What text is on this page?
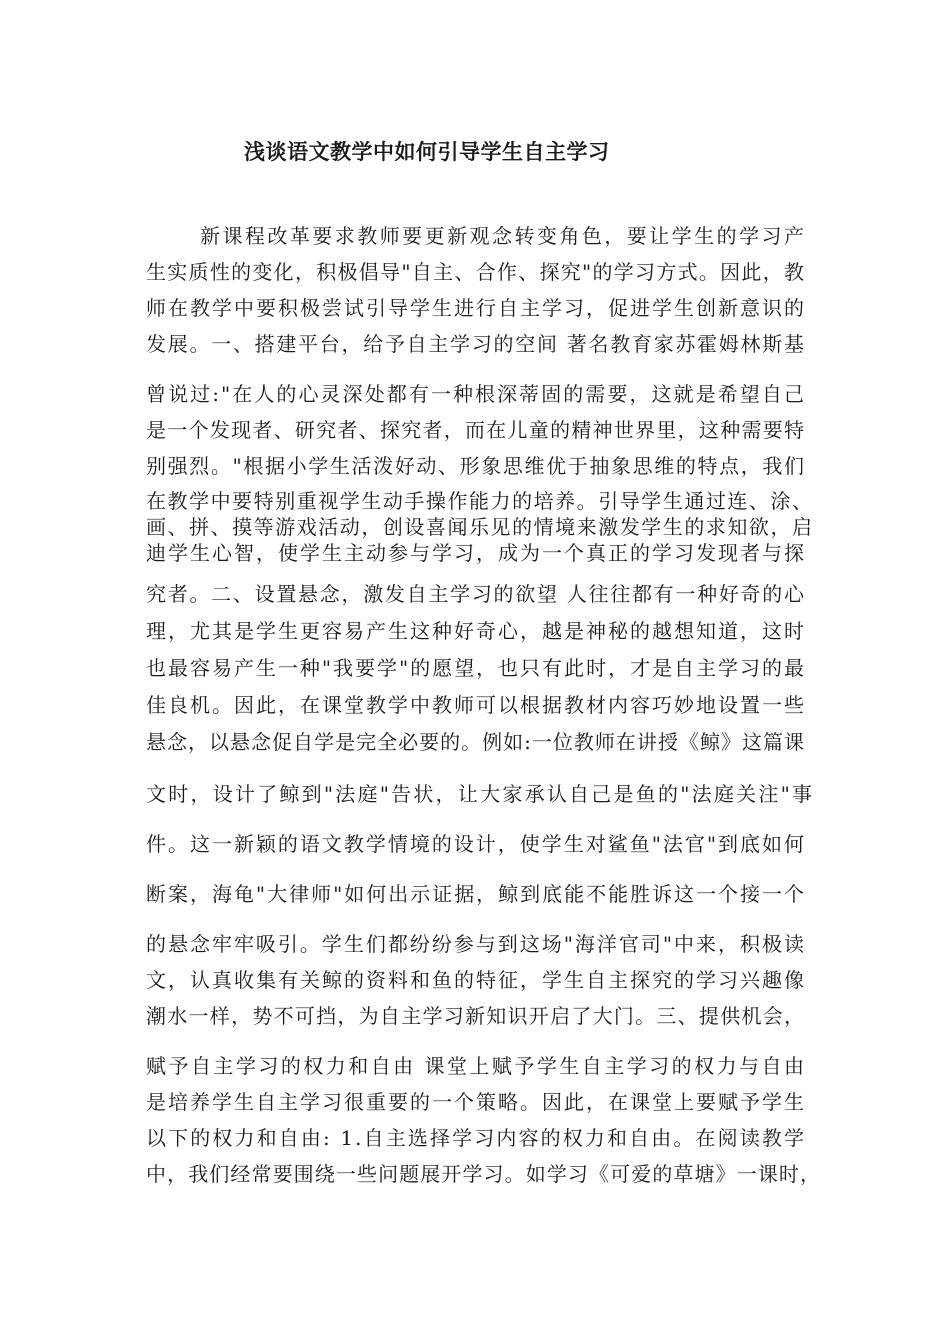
浅谈语文教学中如何引导学生自主学习
新课程改革要求教师要更新观念转变角色，要让学生的学习产
生实质性的变化，积极倡导"自主、合作、探究"的学习方式。因此，教
师在教学中要积极尝试引导学生进行自主学习，促进学生创新意识的
发展。一、搭建平台，给予自主学习的空间 著名教育家苏霍姆林斯基
曾说过:"在人的心灵深处都有一种根深蒂固的需要，这就是希望自己
是一个发现者、研究者、探究者，而在儿童的精神世界里，这种需要特
别强烈。"根据小学生活泼好动、形象思维优于抽象思维的特点，我们
在教学中要特别重视学生动手操作能力的培养。引导学生通过连、涂、
画、拼、摸等游戏活动，创设喜闻乐见的情境来激发学生的求知欲，启
迪学生心智，使学生主动参与学习，成为一个真正的学习发现者与探
究者。二、设置悬念，激发自主学习的欲望 人往往都有一种好奇的心
理，尤其是学生更容易产生这种好奇心，越是神秘的越想知道，这时
也最容易产生一种"我要学"的愿望，也只有此时，才是自主学习的最
佳良机。因此，在课堂教学中教师可以根据教材内容巧妙地设置一些
悬念，以悬念促自学是完全必要的。例如:一位教师在讲授《鲸》这篇课
文时，设计了鲸到"法庭"告状，让大家承认自己是鱼的"法庭关注"事
件。这一新颖的语文教学情境的设计，使学生对鲨鱼"法官"到底如何
断案，海龟"大律师"如何出示证据，鲸到底能不能胜诉这一个接一个
的悬念牢牢吸引。学生们都纷纷参与到这场"海洋官司"中来，积极读
文，认真收集有关鲸的资料和鱼的特征，学生自主探究的学习兴趣像
潮水一样，势不可挡，为自主学习新知识开启了大门。三、提供机会，
赋予自主学习的权力和自由 课堂上赋予学生自主学习的权力与自由
是培养学生自主学习很重要的一个策略。因此，在课堂上要赋予学生
以下的权力和自由: 1.自主选择学习内容的权力和自由。在阅读教学
中，我们经常要围绕一些问题展开学习。如学习《可爱的草塘》一课时，
